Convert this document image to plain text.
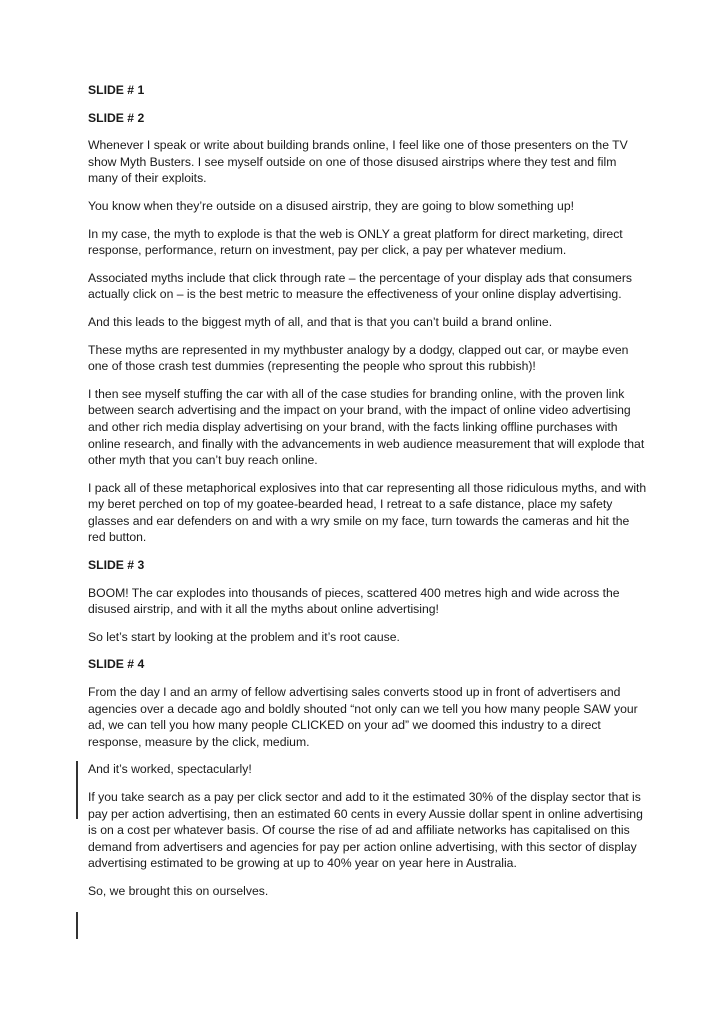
SLIDE # 1
SLIDE # 2
Whenever I speak or write about building brands online, I feel like one of those presenters on the TV show Myth Busters. I see myself outside on one of those disused airstrips where they test and film many of their exploits.
You know when they’re outside on a disused airstrip, they are going to blow something up!
In my case, the myth to explode is that the web is ONLY a great platform for direct marketing, direct response, performance, return on investment, pay per click, a pay per whatever medium.
Associated myths include that click through rate – the percentage of your display ads that consumers actually click on – is the best metric to measure the effectiveness of your online display advertising.
And this leads to the biggest myth of all, and that is that you can’t build a brand online.
These myths are represented in my mythbuster analogy by a dodgy, clapped out car, or maybe even one of those crash test dummies (representing the people who sprout this rubbish)!
I then see myself stuffing the car with all of the case studies for branding online, with the proven link between search advertising and the impact on your brand, with the impact of online video advertising and other rich media display advertising on your brand, with the facts linking offline purchases with online research, and finally with the advancements in web audience measurement that will explode that other myth that you can’t buy reach online.
I pack all of these metaphorical explosives into that car representing all those ridiculous myths, and with my beret perched on top of my goatee-bearded head, I retreat to a safe distance, place my safety glasses and ear defenders on and with a wry smile on my face, turn towards the cameras and hit the red button.
SLIDE # 3
BOOM! The car explodes into thousands of pieces, scattered 400 metres high and wide across the disused airstrip, and with it all the myths about online advertising!
So let’s start by looking at the problem and it’s root cause.
SLIDE # 4
From the day I and an army of fellow advertising sales converts stood up in front of advertisers and agencies over a decade ago and boldly shouted “not only can we tell you how many people SAW your ad, we can tell you how many people CLICKED on your ad” we doomed this industry to a direct response, measure by the click, medium.
And it’s worked, spectacularly!
If you take search as a pay per click sector and add to it the estimated 30% of the display sector that is pay per action advertising, then an estimated 60 cents in every Aussie dollar spent in online advertising is on a cost per whatever basis. Of course the rise of ad and affiliate networks has capitalised on this demand from advertisers and agencies for pay per action online advertising, with this sector of display advertising estimated to be growing at up to 40% year on year here in Australia.
So, we brought this on ourselves.
